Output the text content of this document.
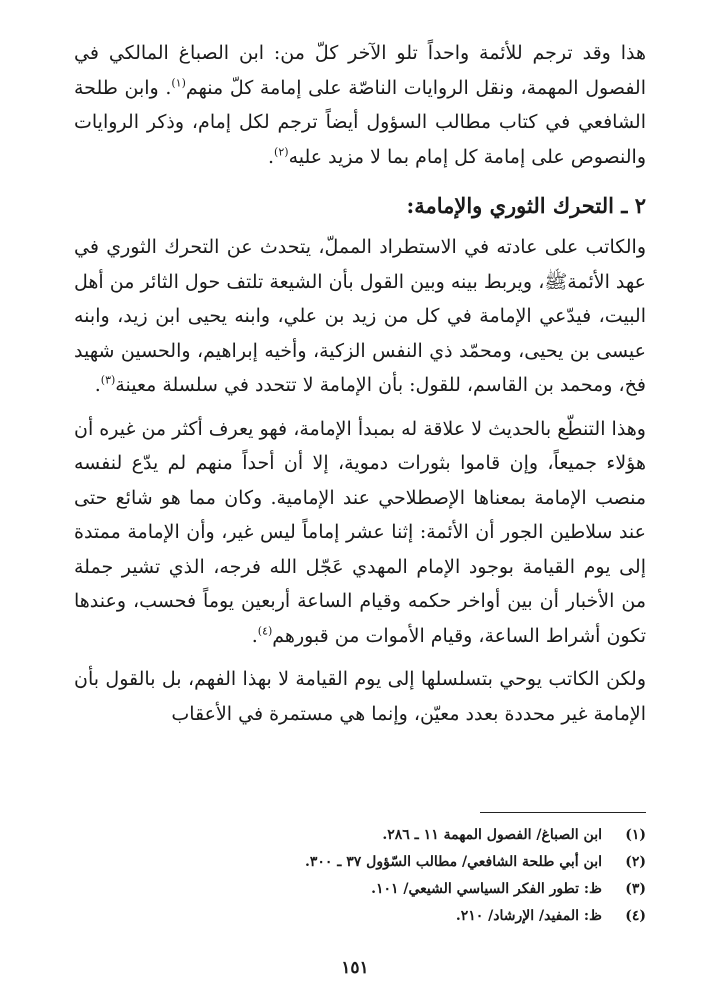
هذا وقد ترجم للأئمة واحداً تلو الآخر كلّ من: ابن الصباغ المالكي في الفصول المهمة، ونقل الروايات الناصّة على إمامة كلّ منهم$^{(١)}$. وابن طلحة الشافعي في كتاب مطالب السؤول أيضاً ترجم لكل إمام، وذكر الروايات والنصوص على إمامة كل إمام بما لا مزيد عليه$^{(٢)}$.

٢ ـ التحرك الثوري والإمامة:

والكاتب على عادته في الاستطراد المملّ، يتحدث عن التحرك الثوري في عهد الأئمةﷺ، ويربط بينه وبين القول بأن الشيعة تلتف حول الثائر من أهل البيت، فيدّعي الإمامة في كل من زيد بن علي، وابنه يحيى ابن زيد، وابنه عيسى بن يحيى، ومحمّد ذي النفس الزكية، وأخيه إبراهيم، والحسين شهيد فخ، ومحمد بن القاسم، للقول: بأن الإمامة لا تتحدد في سلسلة معينة$^{(٣)}$.

وهذا التنطّع بالحديث لا علاقة له بمبدأ الإمامة، فهو يعرف أكثر من غيره أن هؤلاء جميعاً، وإن قاموا بثورات دموية، إلا أن أحداً منهم لم يدّع لنفسه منصب الإمامة بمعناها الإصطلاحي عند الإمامية. وكان مما هو شائع حتى عند سلاطين الجور أن الأئمة: إثنا عشر إماماً ليس غير، وأن الإمامة ممتدة إلى يوم القيامة بوجود الإمام المهدي عَجّل الله فرجه، الذي تشير جملة من الأخبار أن بين أواخر حكمه وقيام الساعة أربعين يوماً فحسب، وعندها تكون أشراط الساعة، وقيام الأموات من قبورهم$^{(٤)}$.

ولكن الكاتب يوحي بتسلسلها إلى يوم القيامة لا بهذا الفهم، بل بالقول بأن الإمامة غير محددة بعدد معيّن، وإنما هي مستمرة في الأعقاب

(١)
ابن الصباغ/ الفصول المهمة ١١ ـ ٢٨٦.
(٢)
ابن أبي طلحة الشافعي/ مطالب السّؤول ٣٧ ـ ٣٠٠.
(٣)
ظ: تطور الفكر السياسي الشيعي/ ١٠١.
(٤)
ظ: المفيد/ الإرشاد/ ٢١٠.
١٥١
